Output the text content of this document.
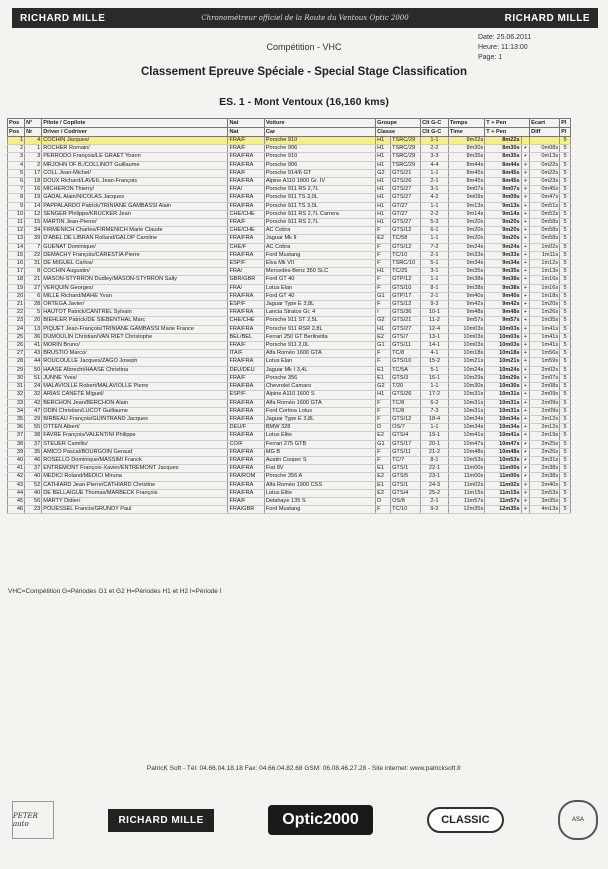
RICHARD MILLE	Chronométreur officiel de la Route du Ventoux Optic 2000	RICHARD MILLE
Date: 25.06.2011
Heure: 11:13:00
Page: 1
Compétition - VHC
Classement Epreuve Spéciale - Special Stage Classification
ES. 1 - Mont Ventoux (16,160 kms)
Pos	N°	Pilote / Copilote	Nat	Voiture	Groupe		Clt G-C	Temps	T + Pen		Ecart	Pl
Pos	Nr	Driver / Codriver	Nat	Car	Classe		Clt G-C	Time	T + Pen		Diff	Pl
1	4	COCHIN Jacques/	FRA/F	Porsche 910	H1	TSRC/29	1-1	8m22s	8m22s			5
2	1	ROCHER Romain/	FRA/F	Porsche 906	H1	TSRC/29	2-2	8m30s	8m30s	+	0m08s	5
3	3	PERRODO François/LE GRAET Yoann	FRA/FRA	Porsche 910	H1	TSRC/29	3-3	8m35s	8m35s	+	0m13s	5
4	2	MRJOHN OF B./COLLINOT Guillaume	FRA/FRA	Porsche 906	H1	TSRC/29	4-4	8m44s	8m44s	+	0m22s	5
5	17	COLL Jean-Michel/	FRA/F	Porsche 914/6 GT	G2	GTS/21	1-1	8m45s	8m45s	+	0m22s	5
6	18	DOUX Richard/LAVEIL Jean-François	FRA/FRA	Alpine A110 1800 Gr. IV	H1	GTS/26	2-1	8m45s	8m45s	+	0m23s	5
7	16	MICHERON Thierry/	FRA/	Porsche 911 RS 2,7L	H1	GTS/27	3-1	9m07s	9m07s	+	0m45s	5
8	19	GADAL Alain/NICOLAS Jacques	FRA/FRA	Porsche 911 TS 3,0L	H1	GTS/27	4-2	9m09s	9m09s	+	0m47s	5
9	14	PAPPALARDO Patrick/TRINIANE GAMBASSI Alain	FRA/FRA	Porsche 911 TS 3,0L	H1	GT/27	1-1	9m13s	9m13s	+	0m51s	5
10	12	SENGER Philippe/KRÜCKER Jean	CHE/CHE	Porsche 911 RS 2,7L Carrera	H1	GT/27	2-2	9m14s	9m14s	+	0m52s	5
11	15	MARTIN Jean-Pierre/	FRA/F	Porsche 911 RS 2,7L	H1	GTS/27	5-3	9m20s	9m20s	+	0m58s	5
12	34	FIRMENICH Charles/FIRMENICH Marie Claude	CHE/CHE	AC Cobra	F	GTS/12	6-1	9m20s	9m20s	+	0m58s	5
13	39	D'ABEL DE LIBRAN Rolland/GALOP Caroline	FRA/FRA	Jaguar Mk II	E2	TC/58	1-1	9m20s	9m20s	+	0m58s	5
14	7	GUENAT Dominique/	CHE/F	AC Cobra	F	GTS/12	7-2	9m24s	9m24s	+	1m02s	5
15	22	DEMACHY François/CARESTIA Pierre	FRA/FRA	Ford Mustang	F	TC/10	2-1	9m33s	9m33s	+	1m11s	5
16	31	DE MIGUEL Carlos/	ESP/F	Elva Mk VII	F	TSRC/10	5-1	9m34s	9m34s	+	1m12s	5
17	8	COCHIN Augustin/	FRA/	Mercedes-Benz 350 SLC	H1	TC/25	3-1	9m35s	9m35s	+	1m13s	5
18	21	MASON-STYRRON Dudley/MASON-STYRRON Sally	GBR/GBR	Ford GT 40	F	GTP/12	1-1	9m38s	9m38s	+	1m16s	5
19	27	VERQUIN Georges/	FRA/	Lotus Elan	F	GTS/10	8-1	9m38s	9m38s	+	1m16s	5
20	6	MILLE Richard/MAHE Yvan	FRA/FRA	Ford GT 40	G1	GTP/17	2-1	9m40s	9m40s	+	1m18s	5
21	28	ORTEGA Javier/	ESP/F	Jaguar Type E 3,8L	F	GTS/12	9-3	9m42s	9m42s	+	1m20s	5
22	5	HAUTOT Patrick/CANTREL Sylvain	FRA/FRA	Lancia Stratos Gr. 4	I	GTS/36	10-1	9m48s	9m48s	+	1m26s	5
23	20	BIEHLER Patrick/DE SIEBENTHAL Marc	CHE/CHE	Porsche 911 ST 2,5L	G2	GTS/21	11-2	9m57s	9m57s	+	1m35s	5
24	13	PIQUET Jean-François/TRINIANE GAMBASSI Marie France	FRA/FRA	Porsche 911 RSR 2,8L	H1	GTS/27	12-4	10m03s	10m03s	+	1m41s	5
25	36	DUMOULIN Christian/VAN RIET Christophe	BEL/BEL	Ferrari 250 GT Berlinetta	E2	GTS/7	13-1	10m03s	10m03s	+	1m41s	5
26	41	MORIN Bruno/	FRA/F	Porsche 911 2,0L	G1	GTS/11	14-1	10m03s	10m03s	+	1m41s	5
27	43	BRUSTIO Marco/	ITA/F	Alfa Roméo 1600 GTA	F	TC/8	4-1	10m18s	10m18s	+	1m56s	5
28	44	ROUCOULLE Jacques/ZAGO Joseph	FRA/FRA	Lotus Elan	F	GTS/10	15-2	10m21s	10m21s	+	1m59s	5
29	50	HAASE Albrecht/HAASE Christina	DEU/DEU	Jaguar Mk I 3,4L	E1	TC/5A	5-1	10m24s	10m24s	+	2m02s	5
30	51	JUNNE Yves/	FRA/F	Porsche 356	E1	GTS/3	16-1	10m29s	10m29s	+	2m07s	5
31	24	MALAVIOLLE Robert/MALAVIOLLE Pierre	FRA/FRA	Chevrolet Camaro	G2	T/20	1-1	10m30s	10m30s	+	2m08s	5
32	32	ARIAS CANETE Miguel/	ESP/F	Alpine A110 1600 S	H1	GTS/26	17-2	10m31s	10m31s	+	2m09s	5
33	42	BERCHON Jean/BERCHON Alain	FRA/FRA	Alfa Roméo 1600 GTA	F	TC/8	6-2	10m31s	10m31s	+	2m09s	5
34	47	ODIN Christian/LUCOT Guillaume	FRA/FRA	Ford Cortina Lotus	F	TC/8	7-3	10m31s	10m31s	+	2m09s	5
35	29	BIRBEAU François/GUINTRAND Jacques	FRA/FRA	Jaguar Type E 3,8L	F	GTS/12	18-4	10m34s	10m34s	+	2m12s	5
36	55	OTTEN Albert/	DEU/F	BMW 328	D	OS/7	1-1	10m34s	10m34s	+	2m12s	5
37	38	FAVRE François/VALENTINI Philippe	FRA/FRA	Lotus Elite	E2	GTS/4	19-1	10m41s	10m41s	+	2m19s	5
38	37	STEUER Camillo/	CO/F	Ferrari 275 GTB	G1	GTS/17	20-1	10m47s	10m47s	+	2m25s	5
39	35	AMICO Pascal/BOURGOIN Geraud	FRA/FRA	MG B	F	GTS/11	21-2	10m48s	10m48s	+	2m26s	5
40	46	ROSELLO Dominique/MASSIMI Franck	FRA/FRA	Austin Cooper S	F	TC/7	8-1	10m53s	10m53s	+	2m31s	5
41	37	ENTREMONT François-Xavier/ENTREMONT Jacques	FRA/FRA	Fiat 8V	E1	GTS/1	22-1	11m00s	11m00s	+	2m38s	5
42	40	MEDICI Roland/MEDICI Miruna	FRA/ROM	Porsche 356 A	E2	GTS/5	23-1	11m00s	11m00s	+	2m38s	5
43	52	CATHIARD Jean-Pierre/CATHIARD Christine	FRA/FRA	Alfa Roméo 1900 CSS	E1	GTS/1	24-3	11m02s	11m02s	+	2m40s	5
44	40	DE BELLAIGUE Thomas/MARBECK François	FRA/FRA	Lotus Elite	E2	GTS/4	25-2	11m15s	11m15s	+	2m53s	5
45	56	MARTY Didier/	FRA/F	Delahaye 135 S	D	OS/8	2-1	11m57s	11m57s	+	3m35s	5
46	23	POUESSEL Francis/GRUNDY Paul	FRA/GBR	Ford Mustang	F	TC/10	9-2	12m35s	12m35s	+	4m13s	5
VHC=Compétition G=Périodes G1 et G2 H=Périodes H1 et H2 I=Période I
PatricK Soft - Tél: 04.66.04.18.18 Fax: 04.66.04.82.68 GSM: 06.08.46.27.28 - Site internet: www.patricksoft.fr
PETER auto	RICHARD MILLE	Optic2000	CLASSIC	ASA
